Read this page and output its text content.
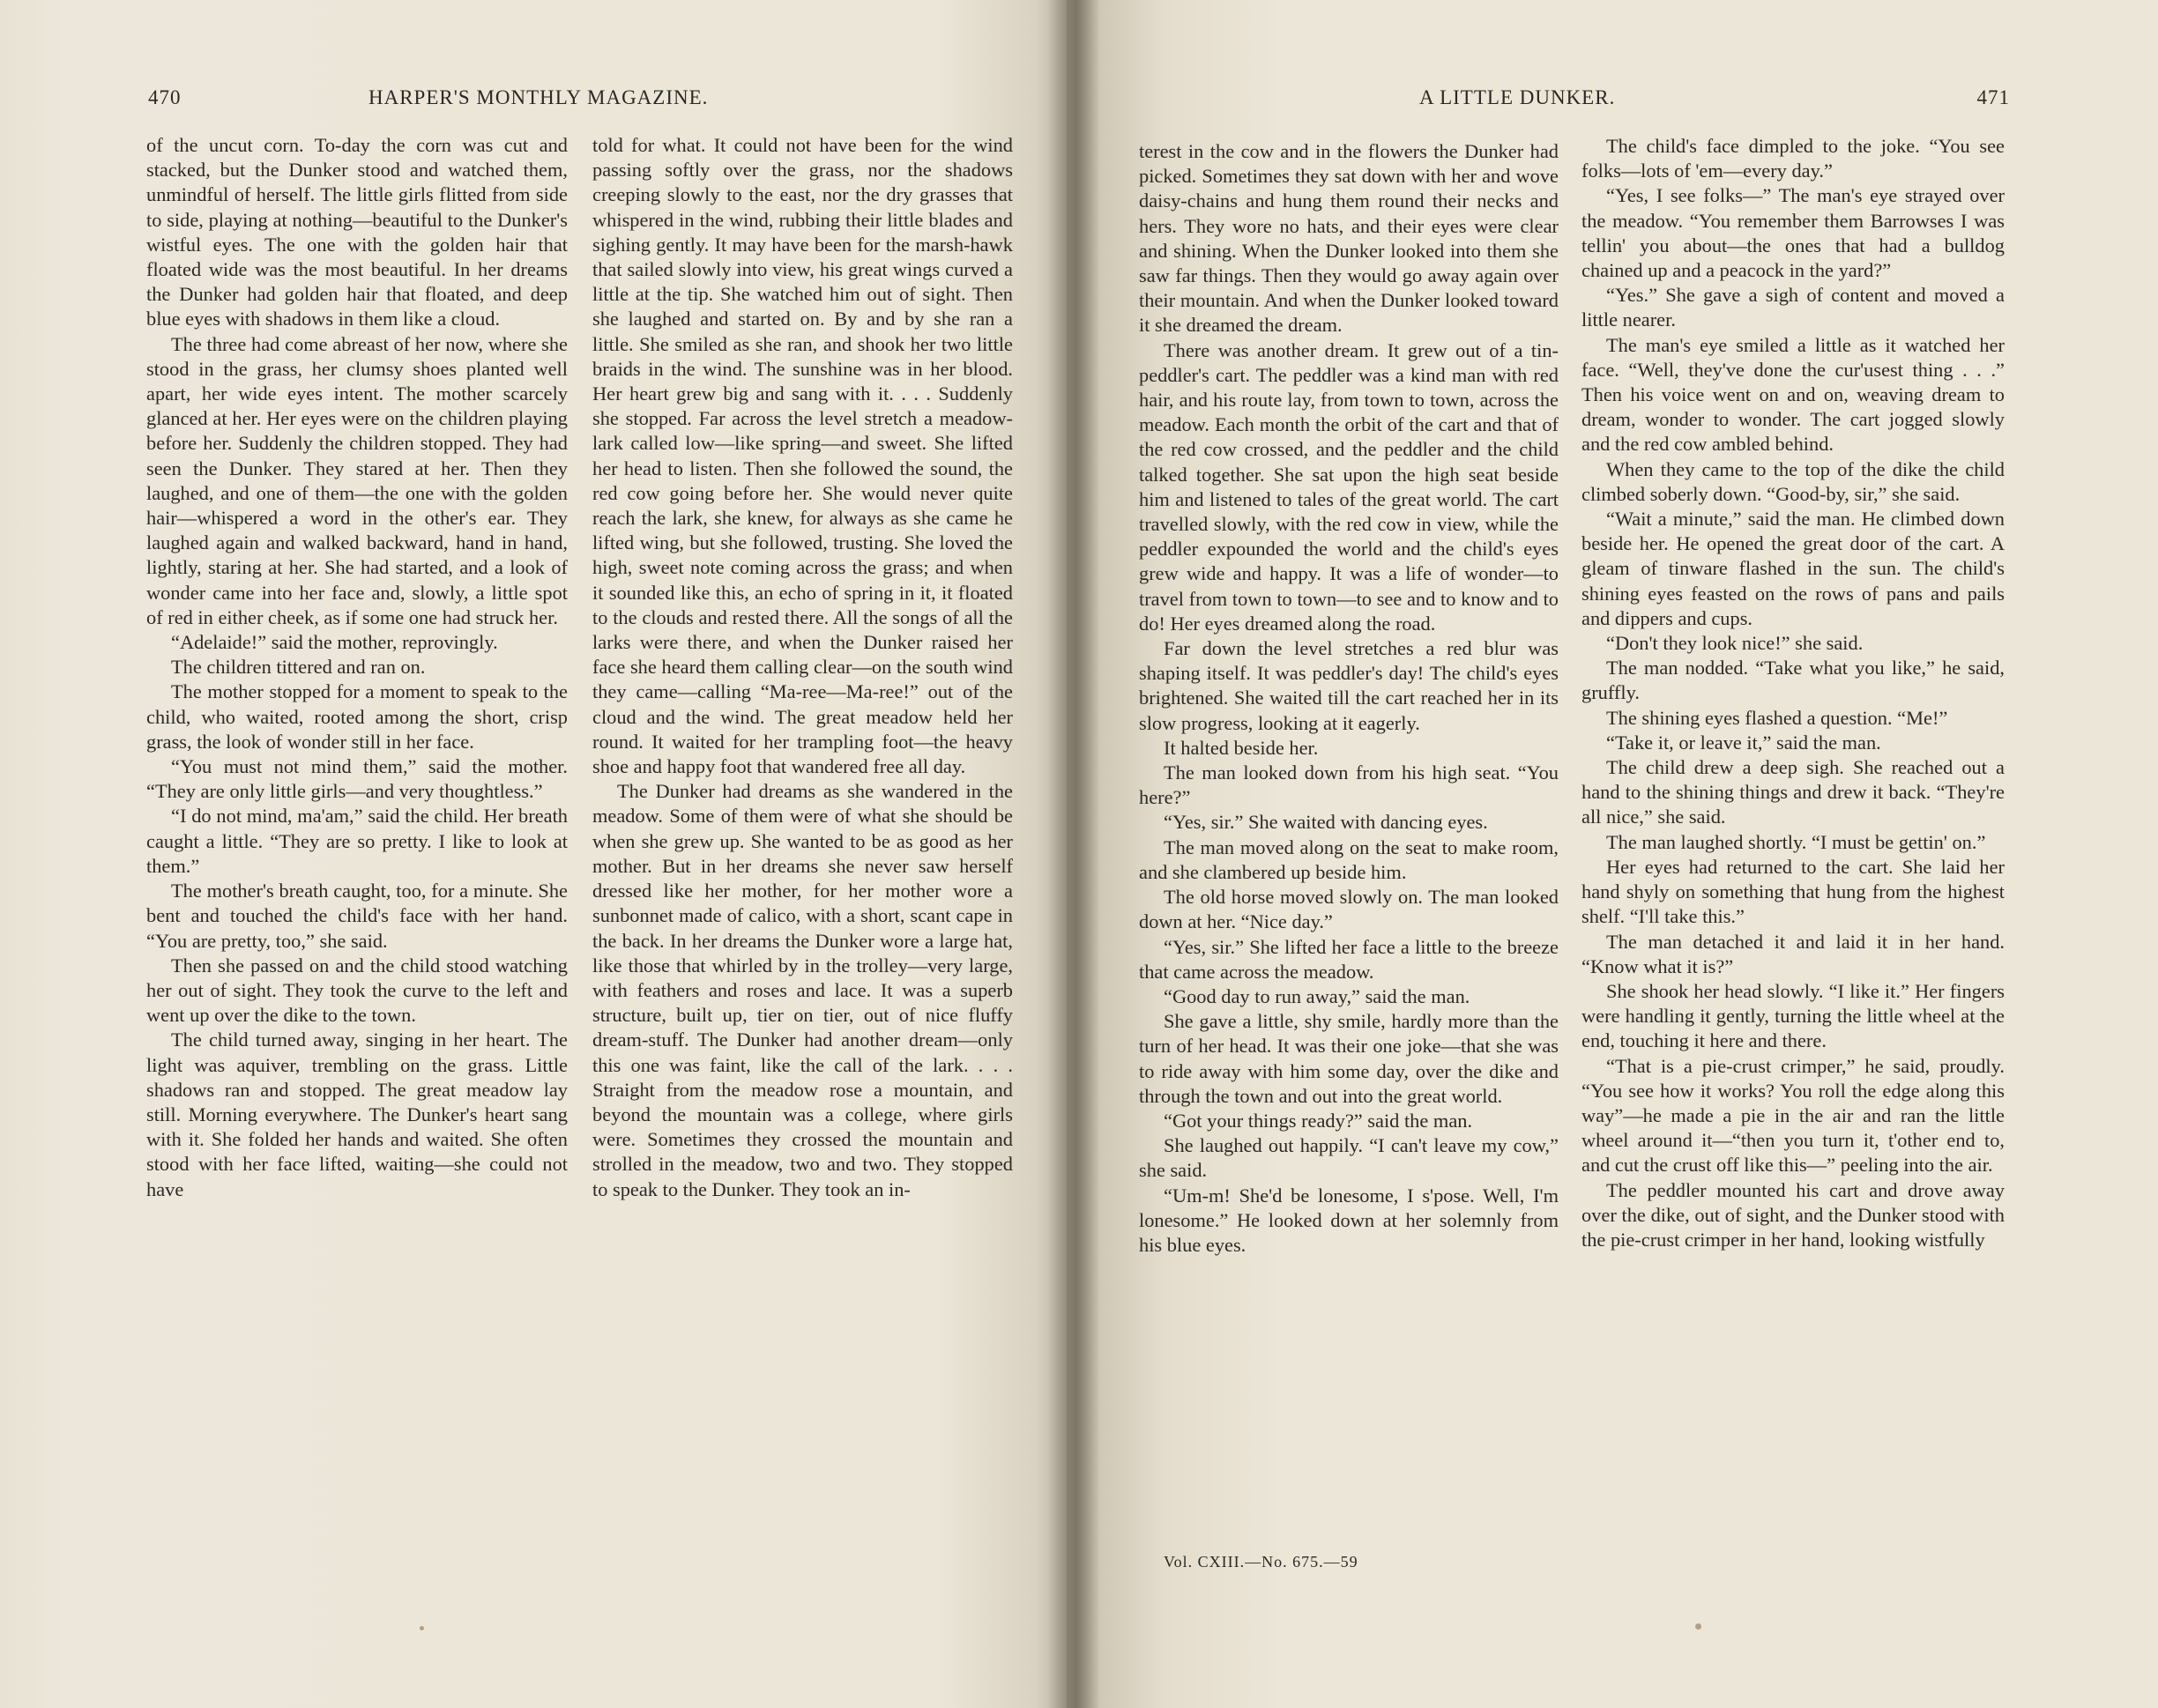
470	HARPER'S MONTHLY MAGAZINE.

of the uncut corn. To-day the corn was cut and stacked, but the Dunker stood and watched them, unmindful of herself. The little girls flitted from side to side, playing at nothing—beautiful to the Dunker's wistful eyes. The one with the golden hair that floated wide was the most beautiful. In her dreams the Dunker had golden hair that floated, and deep blue eyes with shadows in them like a cloud.

The three had come abreast of her now, where she stood in the grass, her clumsy shoes planted well apart, her wide eyes intent. The mother scarcely glanced at her. Her eyes were on the children playing before her. Suddenly the children stopped. They had seen the Dunker. They stared at her. Then they laughed, and one of them—the one with the golden hair—whispered a word in the other's ear. They laughed again and walked backward, hand in hand, lightly, staring at her. She had started, and a look of wonder came into her face and, slowly, a little spot of red in either cheek, as if some one had struck her.

“Adelaide!” said the mother, reprovingly.

The children tittered and ran on.

The mother stopped for a moment to speak to the child, who waited, rooted among the short, crisp grass, the look of wonder still in her face.

“You must not mind them,” said the mother. “They are only little girls—and very thoughtless.”

“I do not mind, ma'am,” said the child. Her breath caught a little. “They are so pretty. I like to look at them.”

The mother's breath caught, too, for a minute. She bent and touched the child's face with her hand. “You are pretty, too,” she said.

Then she passed on and the child stood watching her out of sight. They took the curve to the left and went up over the dike to the town.

The child turned away, singing in her heart. The light was aquiver, trembling on the grass. Little shadows ran and stopped. The great meadow lay still. Morning everywhere. The Dunker's heart sang with it. She folded her hands and waited. She often stood with her face lifted, waiting—she could not have

told for what. It could not have been for the wind passing softly over the grass, nor the shadows creeping slowly to the east, nor the dry grasses that whispered in the wind, rubbing their little blades and sighing gently. It may have been for the marsh-hawk that sailed slowly into view, his great wings curved a little at the tip. She watched him out of sight. Then she laughed and started on. By and by she ran a little. She smiled as she ran, and shook her two little braids in the wind. The sunshine was in her blood. Her heart grew big and sang with it. . . . Suddenly she stopped. Far across the level stretch a meadow-lark called low—like spring—and sweet. She lifted her head to listen. Then she followed the sound, the red cow going before her. She would never quite reach the lark, she knew, for always as she came he lifted wing, but she followed, trusting. She loved the high, sweet note coming across the grass; and when it sounded like this, an echo of spring in it, it floated to the clouds and rested there. All the songs of all the larks were there, and when the Dunker raised her face she heard them calling clear—on the south wind they came—calling “Ma-ree—Ma-ree!” out of the cloud and the wind. The great meadow held her round. It waited for her trampling foot—the heavy shoe and happy foot that wandered free all day.

The Dunker had dreams as she wandered in the meadow. Some of them were of what she should be when she grew up. She wanted to be as good as her mother. But in her dreams she never saw herself dressed like her mother, for her mother wore a sunbonnet made of calico, with a short, scant cape in the back. In her dreams the Dunker wore a large hat, like those that whirled by in the trolley—very large, with feathers and roses and lace. It was a superb structure, built up, tier on tier, out of nice fluffy dream-stuff. The Dunker had another dream—only this one was faint, like the call of the lark. . . . Straight from the meadow rose a mountain, and beyond the mountain was a college, where girls were. Sometimes they crossed the mountain and strolled in the meadow, two and two. They stopped to speak to the Dunker. They took an in-

A LITTLE DUNKER.	471

terest in the cow and in the flowers the Dunker had picked. Sometimes they sat down with her and wove daisy-chains and hung them round their necks and hers. They wore no hats, and their eyes were clear and shining. When the Dunker looked into them she saw far things. Then they would go away again over their mountain. And when the Dunker looked toward it she dreamed the dream.

There was another dream. It grew out of a tin-peddler's cart. The peddler was a kind man with red hair, and his route lay, from town to town, across the meadow. Each month the orbit of the cart and that of the red cow crossed, and the peddler and the child talked together. She sat upon the high seat beside him and listened to tales of the great world. The cart travelled slowly, with the red cow in view, while the peddler expounded the world and the child's eyes grew wide and happy. It was a life of wonder—to travel from town to town—to see and to know and to do! Her eyes dreamed along the road.

Far down the level stretches a red blur was shaping itself. It was peddler's day! The child's eyes brightened. She waited till the cart reached her in its slow progress, looking at it eagerly.

It halted beside her.

The man looked down from his high seat. “You here?”

“Yes, sir.” She waited with dancing eyes.

The man moved along on the seat to make room, and she clambered up beside him.

The old horse moved slowly on. The man looked down at her. “Nice day.”

“Yes, sir.” She lifted her face a little to the breeze that came across the meadow.

“Good day to run away,” said the man.

She gave a little, shy smile, hardly more than the turn of her head. It was their one joke—that she was to ride away with him some day, over the dike and through the town and out into the great world.

“Got your things ready?” said the man.

She laughed out happily. “I can't leave my cow,” she said.

“Um-m! She'd be lonesome, I s'pose. Well, I'm lonesome.” He looked down at her solemnly from his blue eyes.

The child's face dimpled to the joke. “You see folks—lots of 'em—every day.”

“Yes, I see folks—” The man's eye strayed over the meadow. “You remember them Barrowses I was tellin' you about—the ones that had a bulldog chained up and a peacock in the yard?”

“Yes.” She gave a sigh of content and moved a little nearer.

The man's eye smiled a little as it watched her face. “Well, they've done the cur'usest thing . . .” Then his voice went on and on, weaving dream to dream, wonder to wonder. The cart jogged slowly and the red cow ambled behind.

When they came to the top of the dike the child climbed soberly down. “Good-by, sir,” she said.

“Wait a minute,” said the man. He climbed down beside her. He opened the great door of the cart. A gleam of tinware flashed in the sun. The child's shining eyes feasted on the rows of pans and pails and dippers and cups.

“Don't they look nice!” she said.

The man nodded. “Take what you like,” he said, gruffly.

The shining eyes flashed a question. “Me!”

“Take it, or leave it,” said the man.

The child drew a deep sigh. She reached out a hand to the shining things and drew it back. “They're all nice,” she said.

The man laughed shortly. “I must be gettin' on.”

Her eyes had returned to the cart. She laid her hand shyly on something that hung from the highest shelf. “I'll take this.”

The man detached it and laid it in her hand. “Know what it is?”

She shook her head slowly. “I like it.” Her fingers were handling it gently, turning the little wheel at the end, touching it here and there.

“That is a pie-crust crimper,” he said, proudly. “You see how it works? You roll the edge along this way”—he made a pie in the air and ran the little wheel around it—“then you turn it, t'other end to, and cut the crust off like this—” peeling into the air.

The peddler mounted his cart and drove away over the dike, out of sight, and the Dunker stood with the pie-crust crimper in her hand, looking wistfully

Vol. CXIII.—No. 675.—59
